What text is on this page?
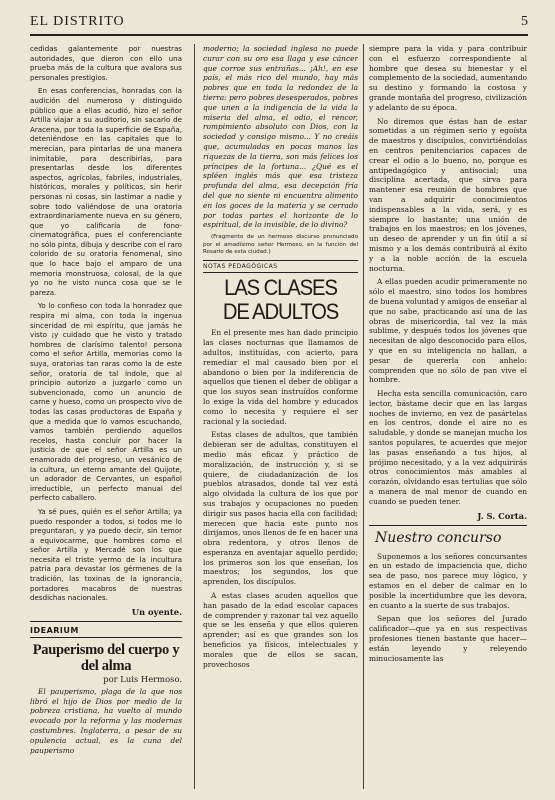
EL DISTRITO	5

cedidas galantemente por nuestras autoridades, que dieron con ello una prueba más de la cultura que avalora sus personales prestigios.

En esas conferencias, honradas con la audición del numeroso y distinguido público que a ellas acudió, hizo el señor Artilla viajar a su auditorio, sin sacarlo de Aracena, por toda la superficie de España, deteniéndose en las capitales que lo merecían, para pintarlas de una manera inimitable, para describirlas, para presentarlas desde los diferentes aspectos, agrícolas, fabriles, industriales, históricos, morales y políticos, sin herir personas ni cosas, sin lastimar a nadie y sobre todo valiéndose de una oratoria extraordinariamente nueva en su género, que yo calificaría de fono-cinematográfica, pues el conferenciante no sólo pinta, dibuja y describe con el raro colorido de su oratoria fenomenal, sino que lo hace bajo el amparo de una memoria monstruosa, colosal, de la que yo no he visto nunca cosa que se le pareza.

Yo lo confieso con toda la honradez que respira mi alma, con toda la ingenua sinceridad de mi espíritu, que jamás he visto ¡y cuidado que he visto y tratado hombres de clarísimo talento! persona como el señor Artilla, memorias como la suya, oratorias tan raras como la de este señor, oratoria de tal índole, que al principio autorizo a juzgarlo como un subvencionado, como un anuncio de carne y hueso, como un prospecto vivo de todas las casas productoras de España y que a medida que lo vamos escuchando, vamos también perdiendo aquellos recelos, hasta concluir por hacer la justicia de que el señor Artilla es un enamorado del progreso, un vesánico de la cultura, un eterno amante del Quijote, un adorador de Cervantes, un español irreductible, un perfecto manual del perfecto caballero.

Ya sé pues, quién es el señor Artilla; ya puedo responder a todos, si todos me lo preguntaran, y ya puedo decir, sin temor a equivocarme, que hombres como el señor Artilla y Mercadé son los que necesita el triste yermo de la incultura patria para devastar los gérmenes de la tradición, las toxinas de la ignorancia, portadores macabros de nuestras desdichas nacionales.

Un oyente.
IDEARIUM
Pauperismo del cuerpo y del alma
por Luis Hermoso.

El pauperismo, plaga de la que nos libró el hijo de Dios por medio de la pobreza cristiana, ha vuelto al mundo evocado por la reforma y las modernas costumbres. Inglaterra, a pesar de su opulencia actual, es la cuna del pauperismo

moderno; la sociedad inglesa no puede curar con su oro esa llaga y ese cáncer que corroe sus entrañas... ¡Ah!, en ese país, el más rico del mundo, hay más pobres que en toda la redondez de la tierra: pero pobres desesperados, pobres que unen a la indigencia de la vida la miseria del alma, el odio, el rencor, rompimiento absoluto con Dios, con la sociedad y consigo mismo... Y no creáis que, acumuladas en pocas manos las riquezas de la tierra, son más felices los príncipes de la fortuna... ¿Qué es el spléen inglés más que esa tristeza profunda del alma, esa decepción fría del que no siente ni encuentra alimento en los goces de la materia y se cerrado por todas partes el horizonte de lo espiritual, de lo invisible, de lo divino?

(Fragmento de un hermoso discurso pronunciado por el amadísimo señor Hermoso, en la función del Rosario de esta ciudad.)
NOTAS PEDAGÓGICAS
LAS CLASES DE ADULTOS

En el presente mes han dado principio las clases nocturnas que llamamos de adultos, instituídas, con acierto, para remediar el mal causado bien por el abandono o bien por la indiferencia de aquellos que tienen el deber de obligar a que los suyos sean instruídos conforme lo exige la vida del hombre y educados como lo necesita y requiere el ser racional y la sociedad.

Estas clases de adultos, que también debieran ser de adultas, constituyen el medio más eficaz y práctico de moralización, de instrucción y, si se quiere, de ciudadanización de los pueblos atrasados, donde tal vez está algo olvidada la cultura de los que por sus trabajos y ocupaciones no pueden dirigir sus pasos hacia ella con facilidad; merecen que hacia este punto nos dirijamos, unos llenos de fe en hacer una obra redentora, y otros llenos de esperanza en aventajar aquello perdido; los primeros son los que enseñan, los maestros; los segundos, los que aprenden, los discípulos.

A estas clases acuden aquellos que han pasado de la edad escolar capaces de comprender y razonar tal vez aquello que se les enseña y que ellos quieren aprender; así es que grandes son los beneficios ya físicos, intelectuales y morales que de ellos se sacan, provechosos

siempre para la vida y para contribuir con el esfuerzo correspondiente al hombre que desea su bienestar y el complemento de la sociedad, aumentando su destino y formando la costosa y grande montaña del progreso, civilización y adelanto de su época.

No diremos que éstas han de estar sometidas a un régimen serio y egoísta de maestros y discípulos, convirtiéndolas en centros penitenciarios capaces de crear el odio a lo bueno, no, porque es antipedagógico y antisocial; una disciplina acertada, que sirva para mantener esa reunión de hombres que van a adquirir conocimientos indispensables a la vida, será, y es siempre lo bastante; una unión de trabajos en los maestros; en los jóvenes, un deseo de aprender y un fin útil a sí mismo y a los demás contribuirá al éxito y a la noble acción de la escuela nocturna.

A ellas pueden acudir primeramente no sólo el maestro, sino todos los hombres de buena voluntad y amigos de enseñar al que no sabe, practicando así una de las obras de misericordia, tal vez la más sublime, y después todos los jóvenes que necesitan de algo desconocido para ellos, y que en su inteligencia no hallan, a pesar de quererla con anhelo: comprenden que no sólo de pan vive el hombre.

Hecha esta sencilla comunicación, caro lector, bástame decir que en las largas noches de invierno, en vez de pasártelas en los centros, donde el aire no es saludable, y donde se manejan mucho los santos populares, te acuerdes que mejor las pasas enseñando a tus hijos, al prójimo necesitado, y a la vez adquirirás otros conocimientos más amables al corazón, olvidando esas tertulias que sólo a manera de mal menor de cuando en cuando se pueden tener.

J. S. Corta.
Nuestro concurso

Suponemos a los señores concursantes en un estado de impaciencia que, dicho sea de paso, nos parece muy lógico, y estamos en el deber de calmar en lo posible la incertidumbre que les devora, en cuanto a la suerte de sus trabajos.

Sepan que los señores del Jurado calificador—que ya en sus respectivas profesiones tienen bastante que hacer—están leyendo y releyendo minuciosamente las
